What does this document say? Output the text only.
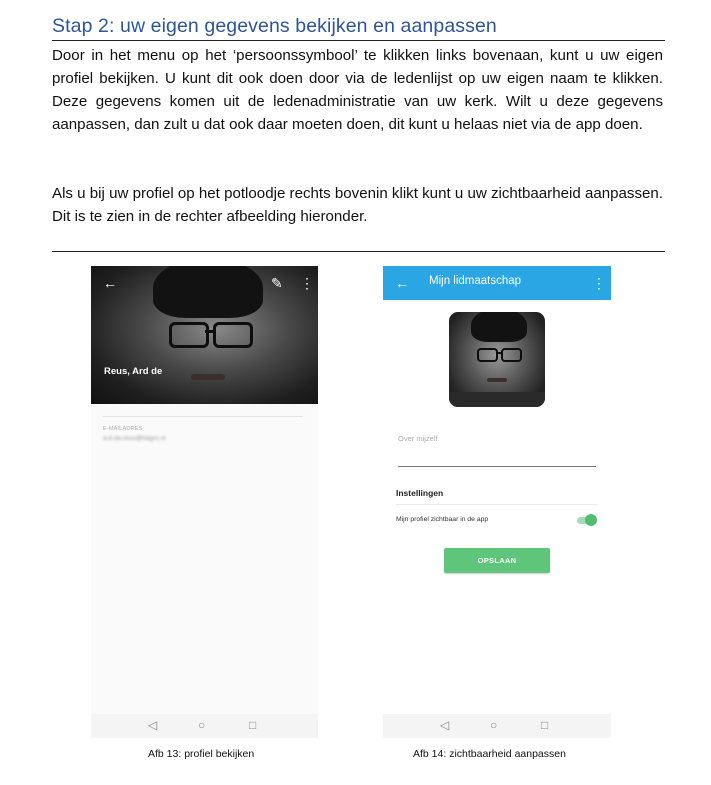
Stap 2: uw eigen gegevens bekijken en aanpassen
Door in het menu op het ‘persoonssymbool’ te klikken links bovenaan, kunt u uw eigen profiel bekijken. U kunt dit ook doen door via de ledenlijst op uw eigen naam te klikken. Deze gegevens komen uit de ledenadministratie van uw kerk. Wilt u deze gegevens aanpassen, dan zult u dat ook daar moeten doen, dit kunt u helaas niet via de app doen.
Als u bij uw profiel op het potloodje rechts bovenin klikt kunt u uw zichtbaarheid aanpassen. Dit is te zien in de rechter afbeelding hieronder.
←	✎ ⋮
Reus, Ard de
E-MAILADRES
a.d.de.reus@hagro.nl
◁	○	□
← Mijn lidmaatschap	⋮
Over mijzelf
Instellingen
Mijn profiel zichtbaar in de app
OPSLAAN
◁	○	□
Afb 13: profiel bekijken	Afb 14: zichtbaarheid aanpassen
